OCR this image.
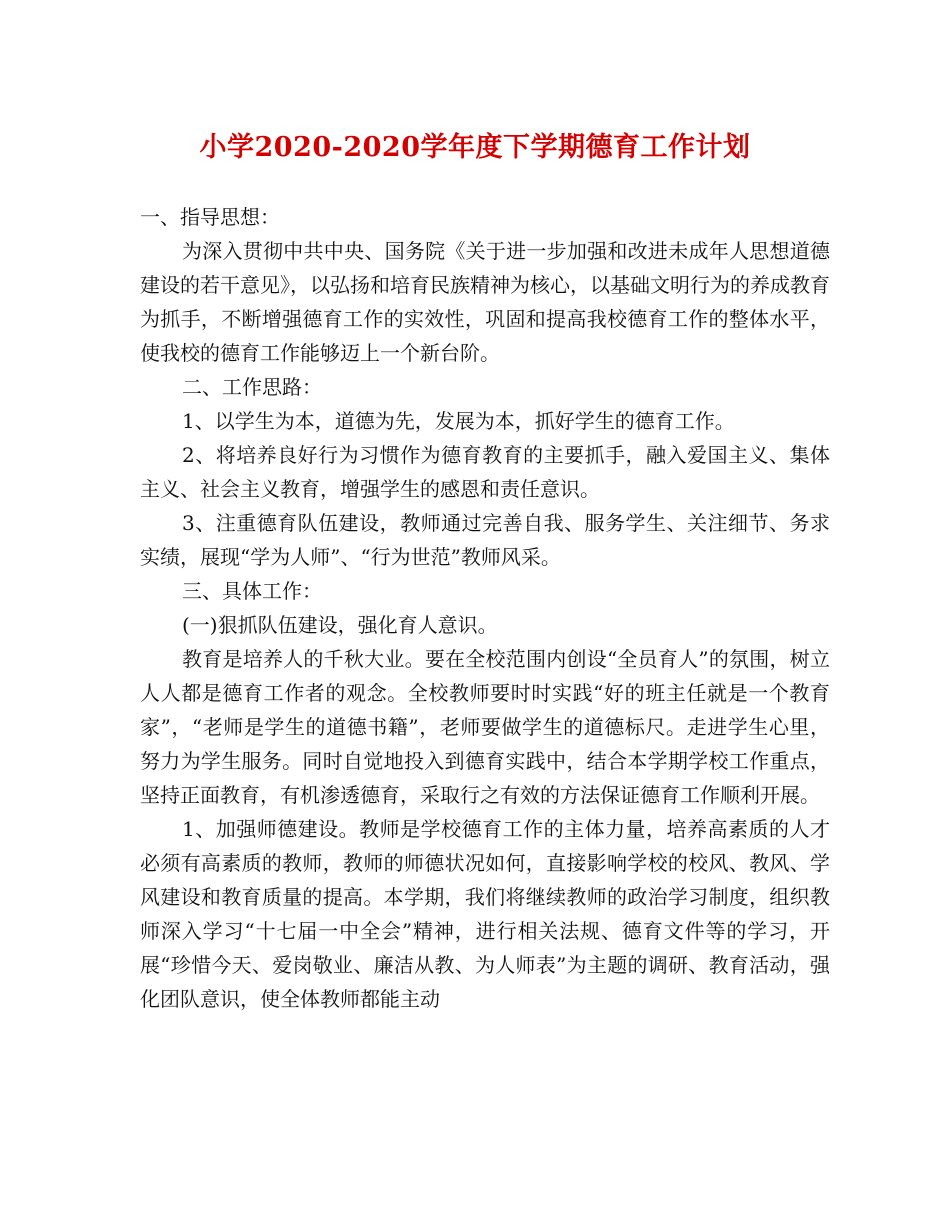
小学2020-2020学年度下学期德育工作计划

一、指导思想：

为深入贯彻中共中央、国务院《关于进一步加强和改进未成年人思想道德建设的若干意见》，以弘扬和培育民族精神为核心，以基础文明行为的养成教育为抓手，不断增强德育工作的实效性，巩固和提高我校德育工作的整体水平，使我校的德育工作能够迈上一个新台阶。

二、工作思路：

1、以学生为本，道德为先，发展为本，抓好学生的德育工作。

2、将培养良好行为习惯作为德育教育的主要抓手，融入爱国主义、集体主义、社会主义教育，增强学生的感恩和责任意识。

3、注重德育队伍建设，教师通过完善自我、服务学生、关注细节、务求实绩，展现“学为人师”、“行为世范”教师风采。

三、具体工作：

(一)狠抓队伍建设，强化育人意识。

教育是培养人的千秋大业。要在全校范围内创设“全员育人”的氛围，树立人人都是德育工作者的观念。全校教师要时时实践“好的班主任就是一个教育家”，“老师是学生的道德书籍”，老师要做学生的道德标尺。走进学生心里，努力为学生服务。同时自觉地投入到德育实践中，结合本学期学校工作重点，坚持正面教育，有机渗透德育，采取行之有效的方法保证德育工作顺利开展。

1、加强师德建设。教师是学校德育工作的主体力量，培养高素质的人才必须有高素质的教师，教师的师德状况如何，直接影响学校的校风、教风、学风建设和教育质量的提高。本学期，我们将继续教师的政治学习制度，组织教师深入学习“十七届一中全会”精神，进行相关法规、德育文件等的学习，开展“珍惜今天、爱岗敬业、廉洁从教、为人师表”为主题的调研、教育活动，强化团队意识，使全体教师都能主动
